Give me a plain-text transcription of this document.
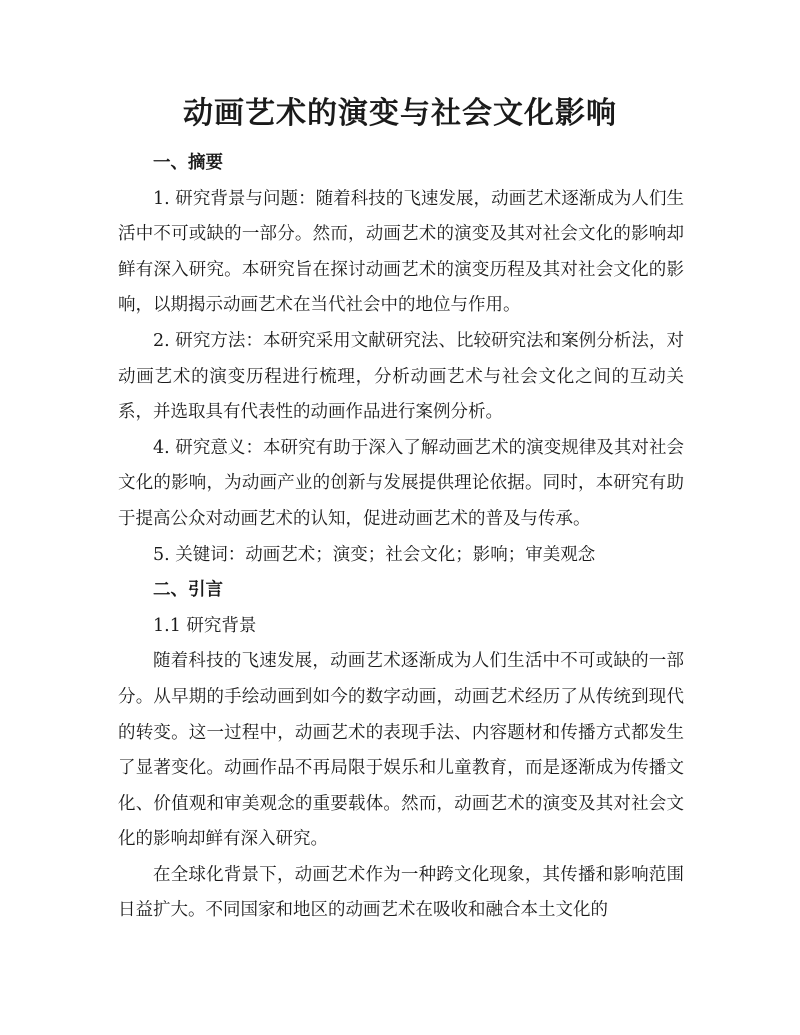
动画艺术的演变与社会文化影响

一、摘要

1. 研究背景与问题：随着科技的飞速发展，动画艺术逐渐成为人们生活中不可或缺的一部分。然而，动画艺术的演变及其对社会文化的影响却鲜有深入研究。本研究旨在探讨动画艺术的演变历程及其对社会文化的影响，以期揭示动画艺术在当代社会中的地位与作用。

2. 研究方法：本研究采用文献研究法、比较研究法和案例分析法，对动画艺术的演变历程进行梳理，分析动画艺术与社会文化之间的互动关系，并选取具有代表性的动画作品进行案例分析。

4. 研究意义：本研究有助于深入了解动画艺术的演变规律及其对社会文化的影响，为动画产业的创新与发展提供理论依据。同时，本研究有助于提高公众对动画艺术的认知，促进动画艺术的普及与传承。

5. 关键词：动画艺术；演变；社会文化；影响；审美观念

二、引言

1.1 研究背景

随着科技的飞速发展，动画艺术逐渐成为人们生活中不可或缺的一部分。从早期的手绘动画到如今的数字动画，动画艺术经历了从传统到现代的转变。这一过程中，动画艺术的表现手法、内容题材和传播方式都发生了显著变化。动画作品不再局限于娱乐和儿童教育，而是逐渐成为传播文化、价值观和审美观念的重要载体。然而，动画艺术的演变及其对社会文化的影响却鲜有深入研究。

在全球化背景下，动画艺术作为一种跨文化现象，其传播和影响范围日益扩大。不同国家和地区的动画艺术在吸收和融合本土文化的
